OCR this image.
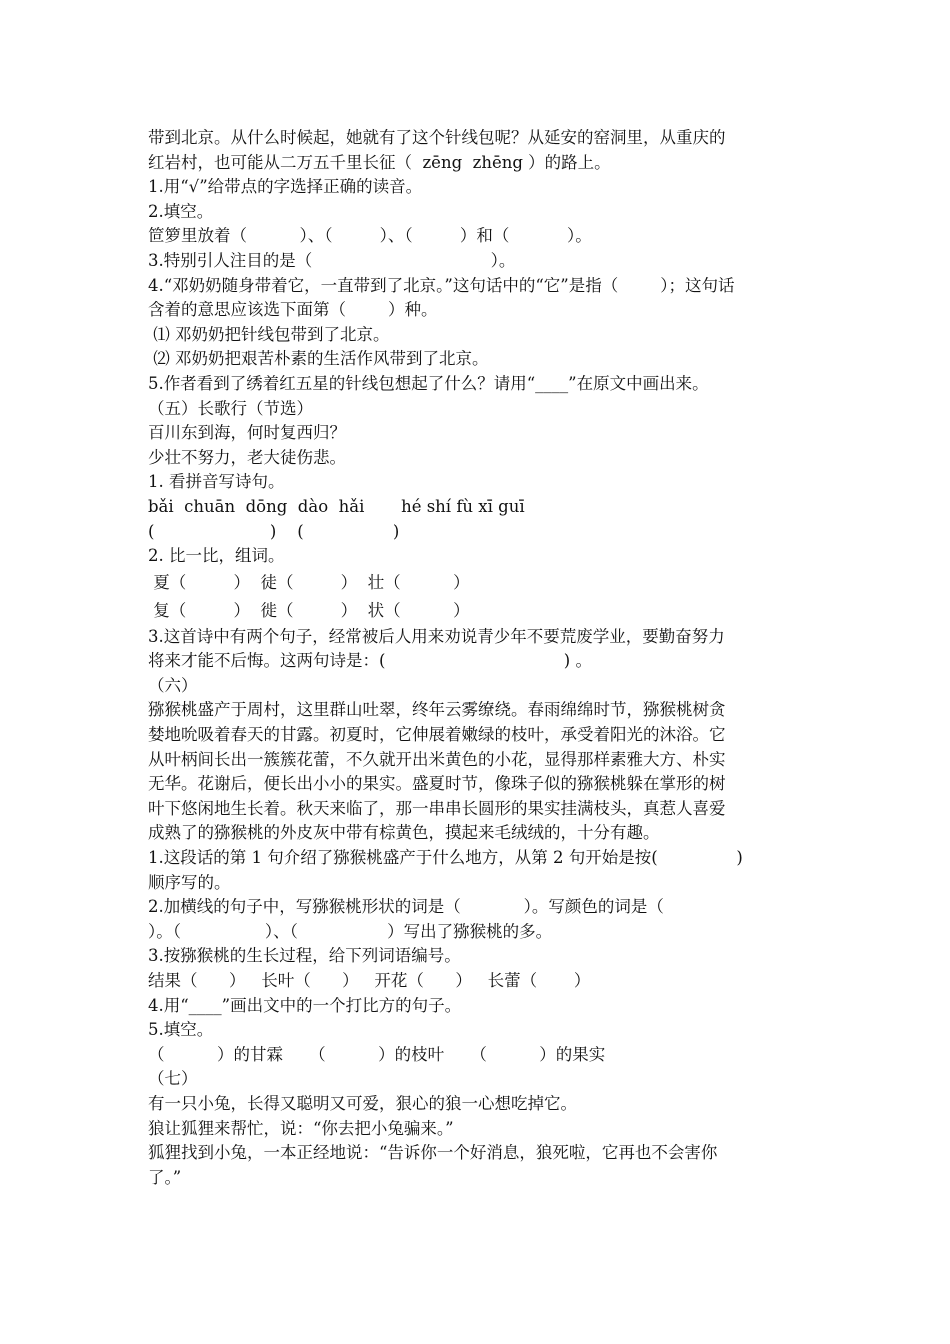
带到北京。从什么时候起，她就有了这个针线包呢？从延安的窑洞里，从重庆的
红岩村，也可能从二万五千里长征（  zēng  zhēng ）的路上。
1.用“√”给带点的字选择正确的读音。
2.填空。
笸箩里放着（          ）、（         ）、（         ）和（           ）。
3.特别引人注目的是（                                  ）。
4.“邓奶奶随身带着它，一直带到了北京。”这句话中的“它”是指（        ）；这句话
含着的意思应该选下面第（        ）种。
⑴ 邓奶奶把针线包带到了北京。
⑵ 邓奶奶把艰苦朴素的生活作风带到了北京。
5.作者看到了绣着红五星的针线包想起了什么？请用“____”在原文中画出来。
（五）长歌行（节选）
百川东到海，何时复西归？
少壮不努力，老大徒伤悲。
1. 看拼音写诗句。
bǎi  chuān  dōng  dào  hǎi       hé shí fù xī guī
(                      )    (                 )
2. 比一比，组词。
夏（         ）  徒（         ）  壮（          ）
复（         ）  徙（         ）  状（          ）
3.这首诗中有两个句子，经常被后人用来劝说青少年不要荒废学业，要勤奋努力
将来才能不后悔。这两句诗是：(                                  ) 。
（六）
猕猴桃盛产于周村，这里群山吐翠，终年云雾缭绕。春雨绵绵时节，猕猴桃树贪
婪地吮吸着春天的甘露。初夏时，它伸展着嫩绿的枝叶，承受着阳光的沐浴。它
从叶柄间长出一簇簇花蕾，不久就开出米黄色的小花，显得那样素雅大方、朴实
无华。花谢后，便长出小小的果实。盛夏时节，像珠子似的猕猴桃躲在掌形的树
叶下悠闲地生长着。秋天来临了，那一串串长圆形的果实挂满枝头，真惹人喜爱
成熟了的猕猴桃的外皮灰中带有棕黄色，摸起来毛绒绒的，十分有趣。
1.这段话的第 1 句介绍了猕猴桃盛产于什么地方，从第 2 句开始是按(               )
顺序写的。
2.加横线的句子中，写猕猴桃形状的词是（            ）。写颜色的词是（
）。（                ）、（                 ）写出了猕猴桃的多。
3.按猕猴桃的生长过程，给下列词语编号。
结果（      ）   长叶（      ）   开花（      ）   长蕾（       ）
4.用“____”画出文中的一个打比方的句子。
5.填空。
（          ）的甘霖     （          ）的枝叶     （          ）的果实
（七）
有一只小兔，长得又聪明又可爱，狠心的狼一心想吃掉它。
狼让狐狸来帮忙，说：“你去把小兔骗来。”
狐狸找到小兔，一本正经地说：“告诉你一个好消息，狼死啦，它再也不会害你
了。”
